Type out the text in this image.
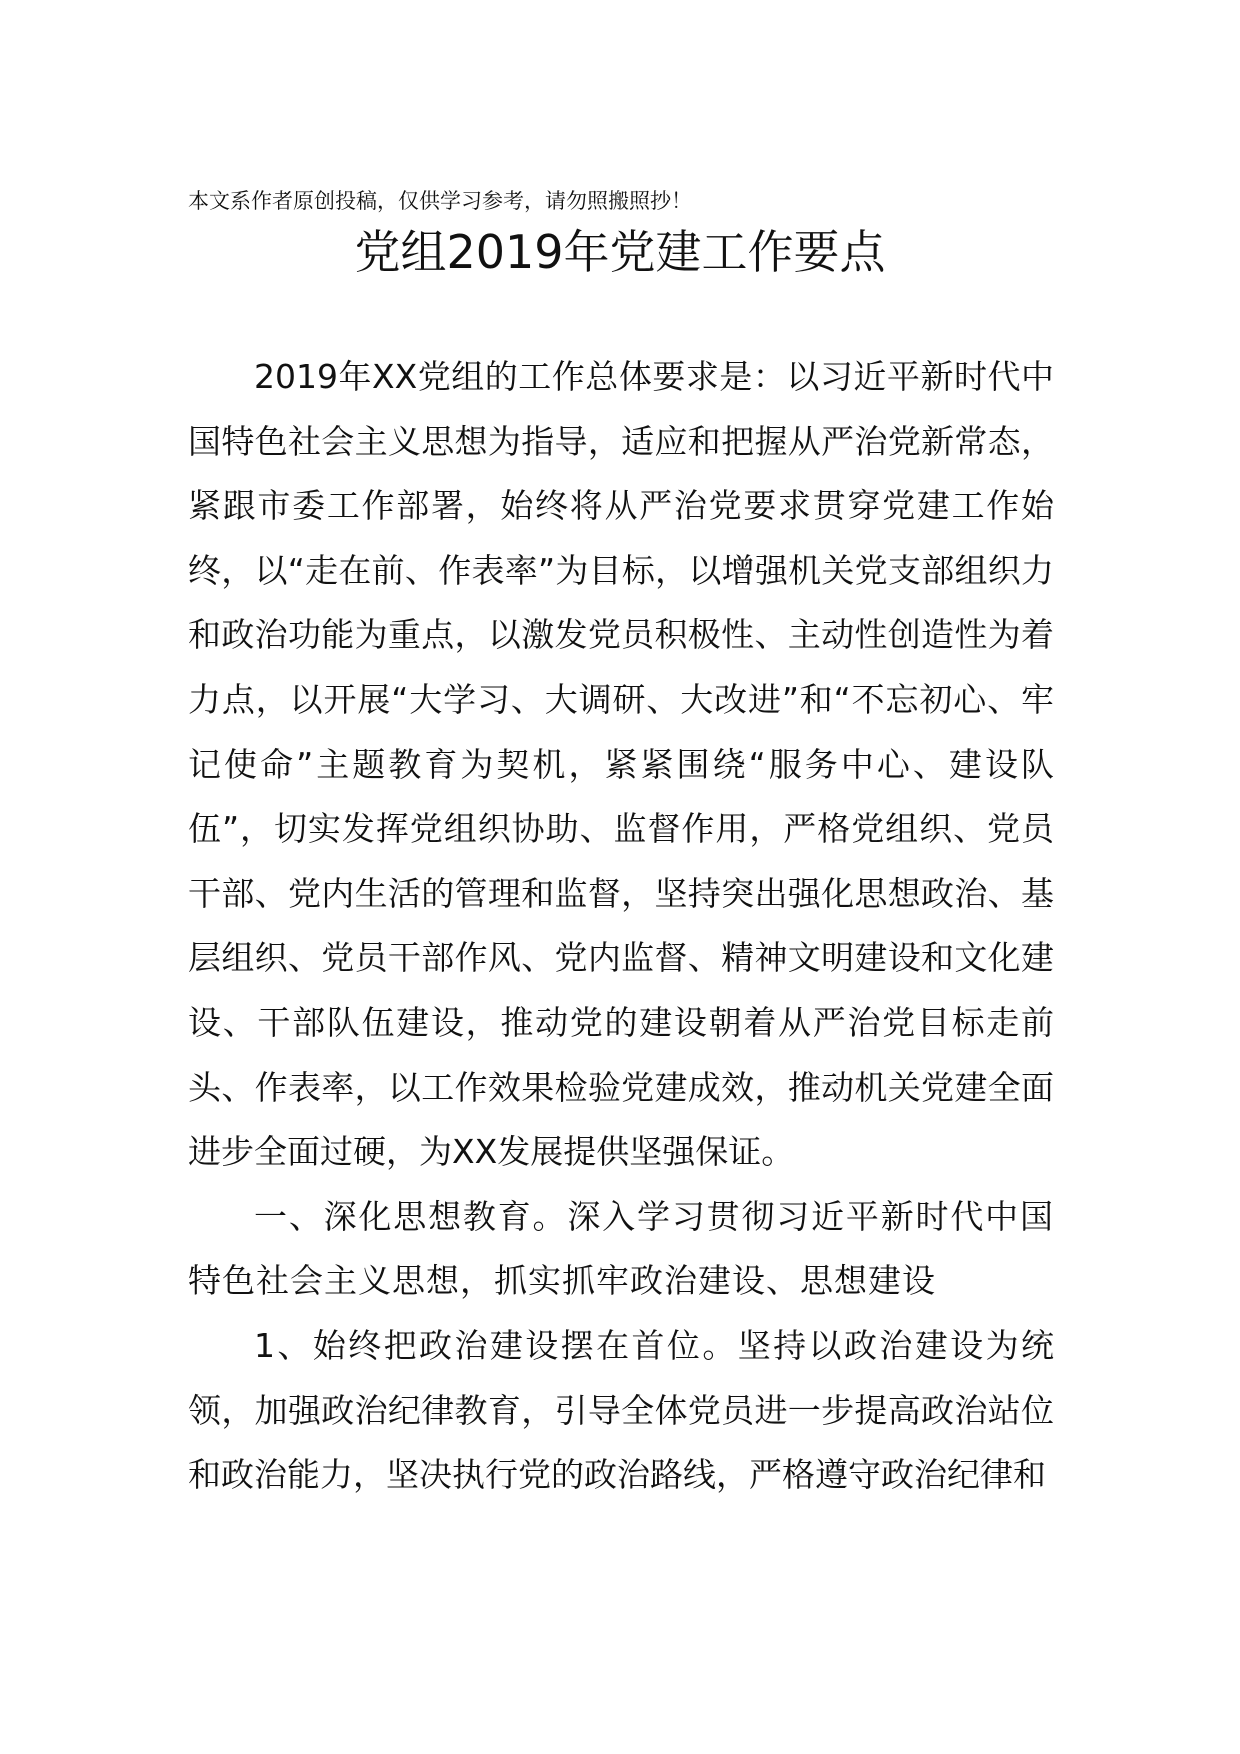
本文系作者原创投稿，仅供学习参考，请勿照搬照抄！
党组2019年党建工作要点

2019年XX党组的工作总体要求是：以习近平新时代中国特色社会主义思想为指导，适应和把握从严治党新常态，紧跟市委工作部署，始终将从严治党要求贯穿党建工作始终，以“走在前、作表率”为目标，以增强机关党支部组织力和政治功能为重点，以激发党员积极性、主动性创造性为着力点，以开展“大学习、大调研、大改进”和“不忘初心、牢记使命”主题教育为契机，紧紧围绕“服务中心、建设队伍”，切实发挥党组织协助、监督作用，严格党组织、党员干部、党内生活的管理和监督，坚持突出强化思想政治、基层组织、党员干部作风、党内监督、精神文明建设和文化建设、干部队伍建设，推动党的建设朝着从严治党目标走前头、作表率，以工作效果检验党建成效，推动机关党建全面进步全面过硬，为XX发展提供坚强保证。

一、深化思想教育。深入学习贯彻习近平新时代中国特色社会主义思想，抓实抓牢政治建设、思想建设

1、始终把政治建设摆在首位。坚持以政治建设为统领，加强政治纪律教育，引导全体党员进一步提高政治站位和政治能力，坚决执行党的政治路线，严格遵守政治纪律和
